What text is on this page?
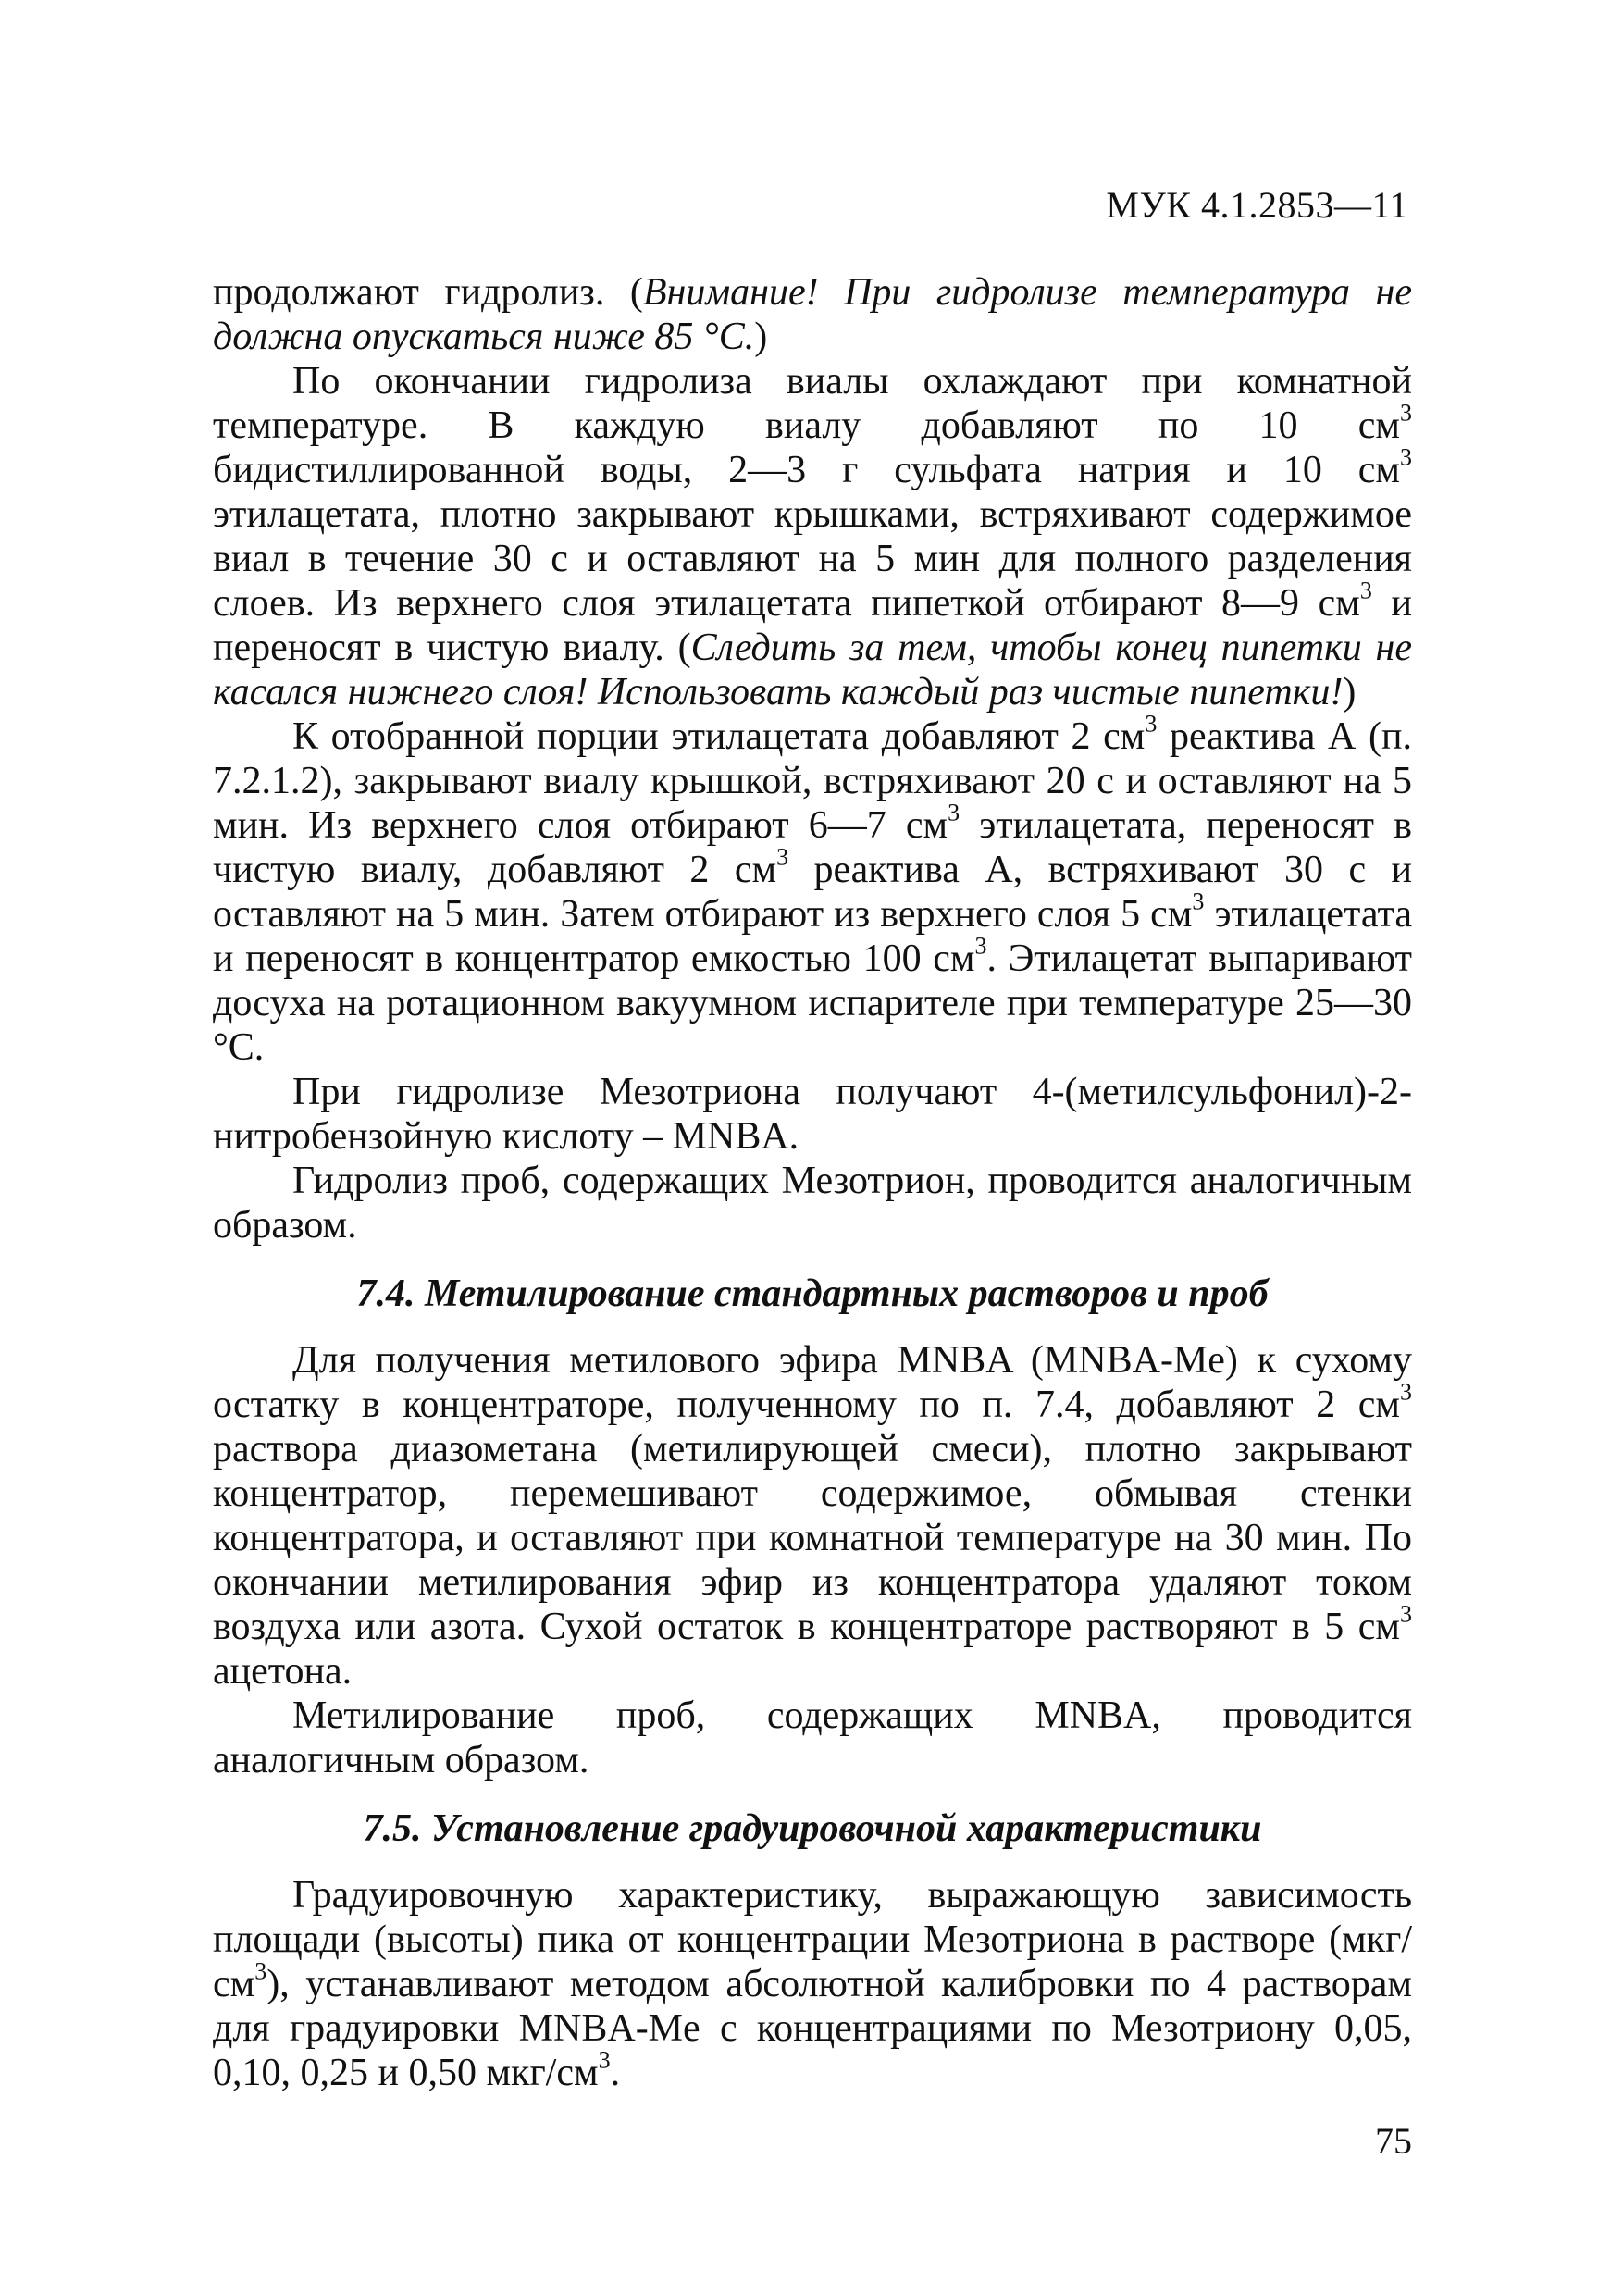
МУК 4.1.2853—11

продолжают гидролиз. (Внимание! При гидролизе температура не должна опускаться ниже 85 °С.)

По окончании гидролиза виалы охлаждают при комнатной температуре. В каждую виалу добавляют по 10 $см^3$ бидистиллированной воды, 2—3 г сульфата натрия и 10 $см^3$ этилацетата, плотно закрывают крышками, встряхивают содержимое виал в течение 30 с и оставляют на 5 мин для полного разделения слоев. Из верхнего слоя этилацетата пипеткой отбирают 8—9 $см^3$ и переносят в чистую виалу. (Следить за тем, чтобы конец пипетки не касался нижнего слоя! Использовать каждый раз чистые пипетки!)

К отобранной порции этилацетата добавляют 2 $см^3$ реактива А (п. 7.2.1.2), закрывают виалу крышкой, встряхивают 20 с и оставляют на 5 мин. Из верхнего слоя отбирают 6—7 $см^3$ этилацетата, переносят в чистую виалу, добавляют 2 $см^3$ реактива А, встряхивают 30 с и оставляют на 5 мин. Затем отбирают из верхнего слоя 5 $см^3$ этилацетата и переносят в концентратор емкостью 100 $см^3$. Этилацетат выпаривают досуха на ротационном вакуумном испарителе при температуре 25—30 °С.

При гидролизе Мезотриона получают 4-(метилсульфонил)-2-нитробензойную кислоту – MNBA.

Гидролиз проб, содержащих Мезотрион, проводится аналогичным образом.

7.4. Метилирование стандартных растворов и проб

Для получения метилового эфира MNBA (MNBA-Me) к сухому остатку в концентраторе, полученному по п. 7.4, добавляют 2 $см^3$ раствора диазометана (метилирующей смеси), плотно закрывают концентратор, перемешивают содержимое, обмывая стенки концентратора, и оставляют при комнатной температуре на 30 мин. По окончании метилирования эфир из концентратора удаляют током воздуха или азота. Сухой остаток в концентраторе растворяют в 5 $см^3$ ацетона.

Метилирование проб, содержащих MNBA, проводится аналогичным образом.

7.5. Установление градуировочной характеристики

Градуировочную характеристику, выражающую зависимость площади (высоты) пика от концентрации Мезотриона в растворе $(мкг/см^3)$, устанавливают методом абсолютной калибровки по 4 растворам для градуировки MNBA-Me с концентрациями по Мезотриону 0,05, 0,10, 0,25 и 0,50 мкг/$см^3$.

75
